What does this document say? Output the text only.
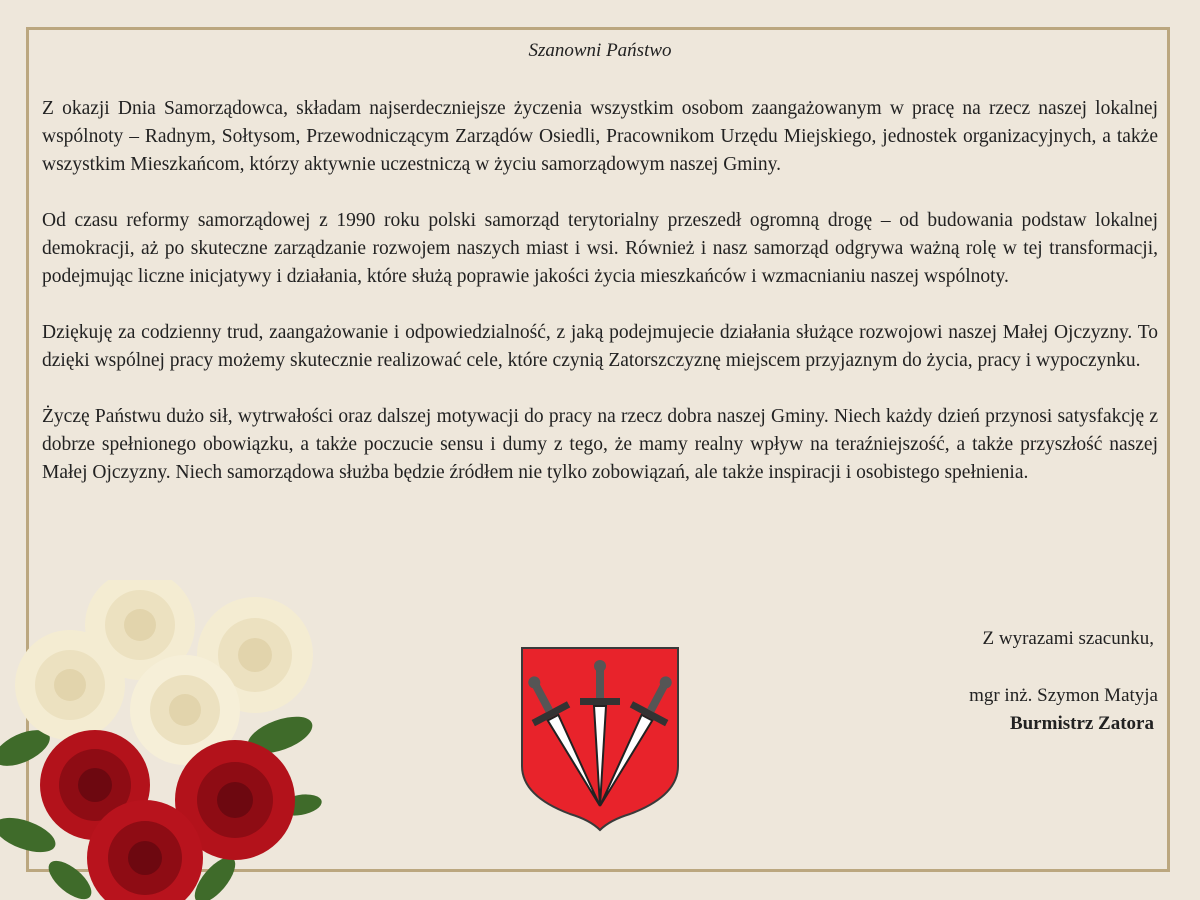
Szanowni Państwo

Z okazji Dnia Samorządowca, składam najserdeczniejsze życzenia wszystkim osobom zaangażowanym w pracę na rzecz naszej lokalnej wspólnoty – Radnym, Sołtysom, Przewodniczącym Zarządów Osiedli, Pracownikom Urzędu Miejskiego, jednostek organizacyjnych, a także wszystkim Mieszkańcom, którzy aktywnie uczestniczą w życiu samorządowym naszej Gminy.

Od czasu reformy samorządowej z 1990 roku polski samorząd terytorialny przeszedł ogromną drogę – od budowania podstaw lokalnej demokracji, aż po skuteczne zarządzanie rozwojem naszych miast i wsi. Również i nasz samorząd odgrywa ważną rolę w tej transformacji, podejmując liczne inicjatywy i działania, które służą poprawie jakości życia mieszkańców i wzmacnianiu naszej wspólnoty.

Dziękuję za codzienny trud, zaangażowanie i odpowiedzialność, z jaką podejmujecie działania służące rozwojowi naszej Małej Ojczyzny. To dzięki wspólnej pracy możemy skutecznie realizować cele, które czynią Zatorszczyznę miejscem przyjaznym do życia, pracy i wypoczynku.

Życzę Państwu dużo sił, wytrwałości oraz dalszej motywacji do pracy na rzecz dobra naszej Gminy. Niech każdy dzień przynosi satysfakcję z dobrze spełnionego obowiązku, a także poczucie sensu i dumy z tego, że mamy realny wpływ na teraźniejszość, a także przyszłość naszej Małej Ojczyzny. Niech samorządowa służba będzie źródłem nie tylko zobowiązań, ale także inspiracji i osobistego spełnienia.

Z wyrazami szacunku,
mgr inż. Szymon Matyja
Burmistrz Zatora
